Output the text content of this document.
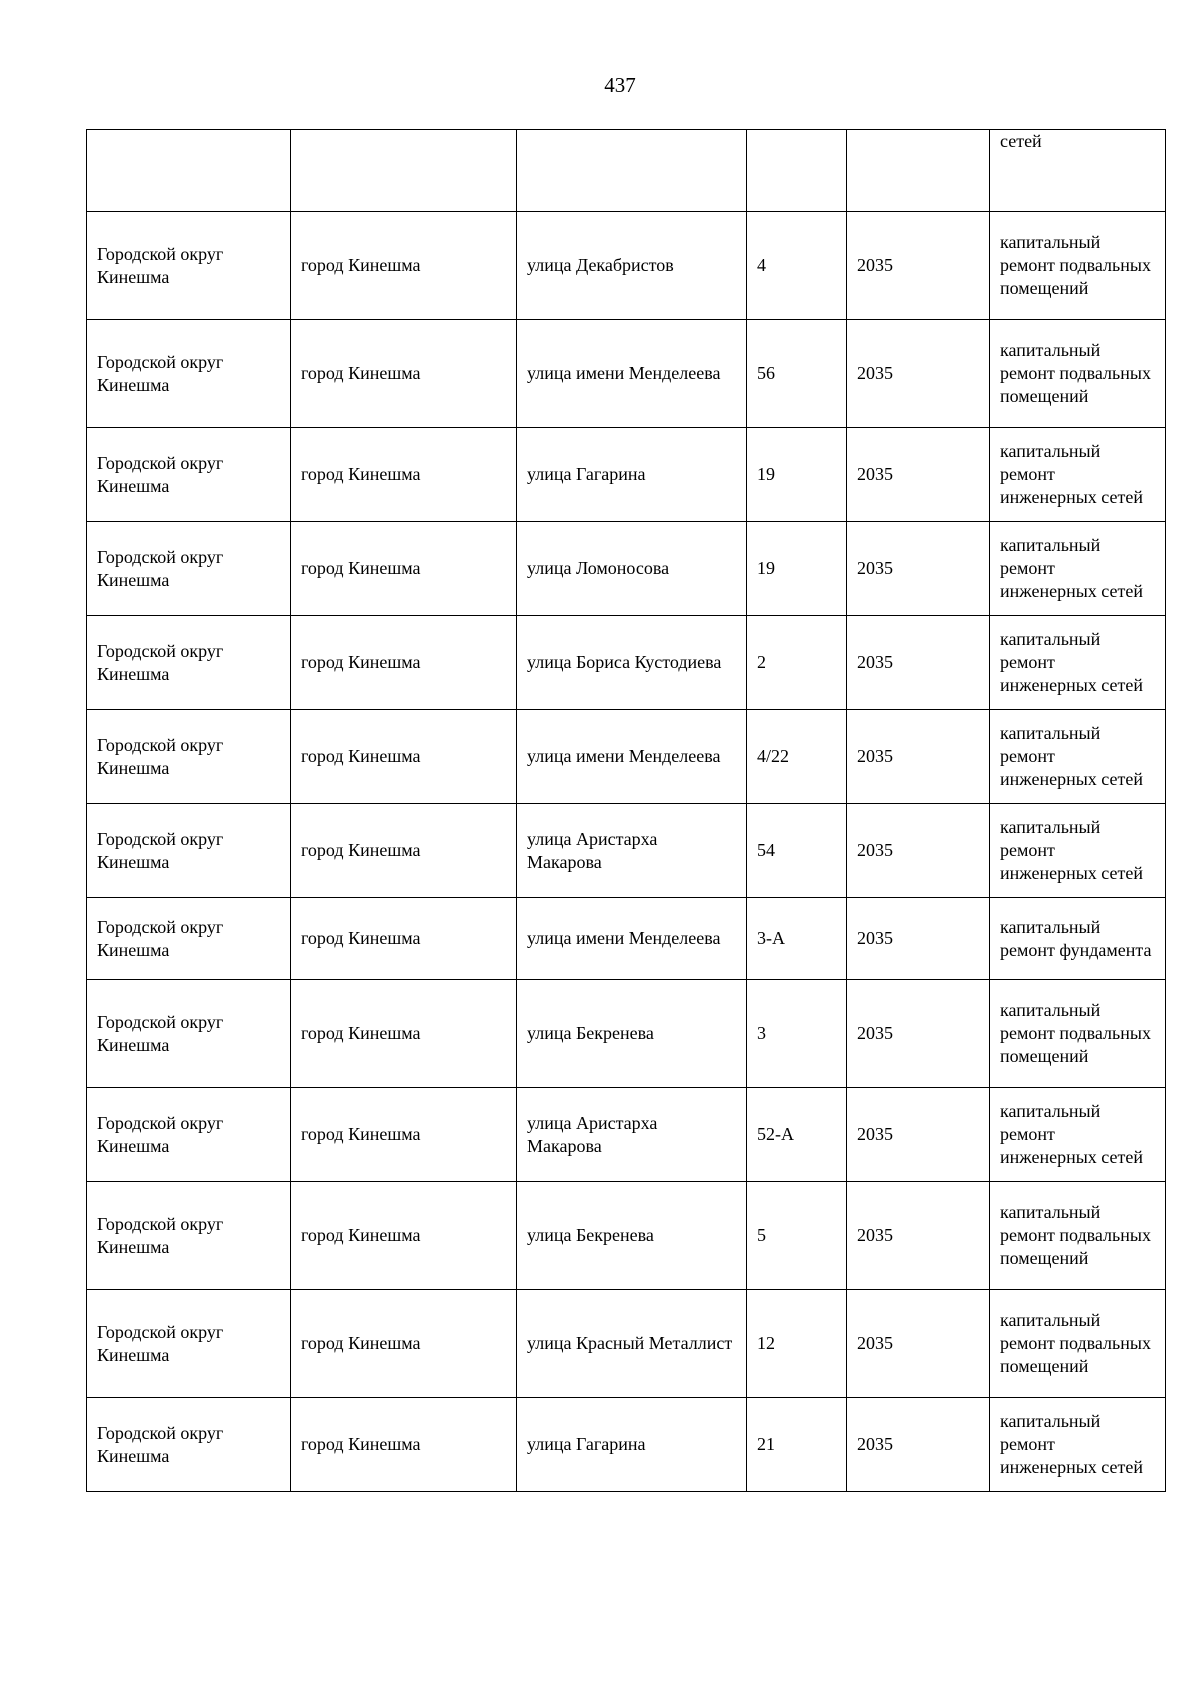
437
					сетей
Городской округ Кинешма	город Кинешма	улица Декабристов	4	2035	капитальный ремонт подвальных помещений
Городской округ Кинешма	город Кинешма	улица имени Менделеева	56	2035	капитальный ремонт подвальных помещений
Городской округ Кинешма	город Кинешма	улица Гагарина	19	2035	капитальный ремонт инженерных сетей
Городской округ Кинешма	город Кинешма	улица Ломоносова	19	2035	капитальный ремонт инженерных сетей
Городской округ Кинешма	город Кинешма	улица Бориса Кустодиева	2	2035	капитальный ремонт инженерных сетей
Городской округ Кинешма	город Кинешма	улица имени Менделеева	4/22	2035	капитальный ремонт инженерных сетей
Городской округ Кинешма	город Кинешма	улица Аристарха Макарова	54	2035	капитальный ремонт инженерных сетей
Городской округ Кинешма	город Кинешма	улица имени Менделеева	3-А	2035	капитальный ремонт фундамента
Городской округ Кинешма	город Кинешма	улица Бекренева	3	2035	капитальный ремонт подвальных помещений
Городской округ Кинешма	город Кинешма	улица Аристарха Макарова	52-А	2035	капитальный ремонт инженерных сетей
Городской округ Кинешма	город Кинешма	улица Бекренева	5	2035	капитальный ремонт подвальных помещений
Городской округ Кинешма	город Кинешма	улица Красный Металлист	12	2035	капитальный ремонт подвальных помещений
Городской округ Кинешма	город Кинешма	улица Гагарина	21	2035	капитальный ремонт инженерных сетей
